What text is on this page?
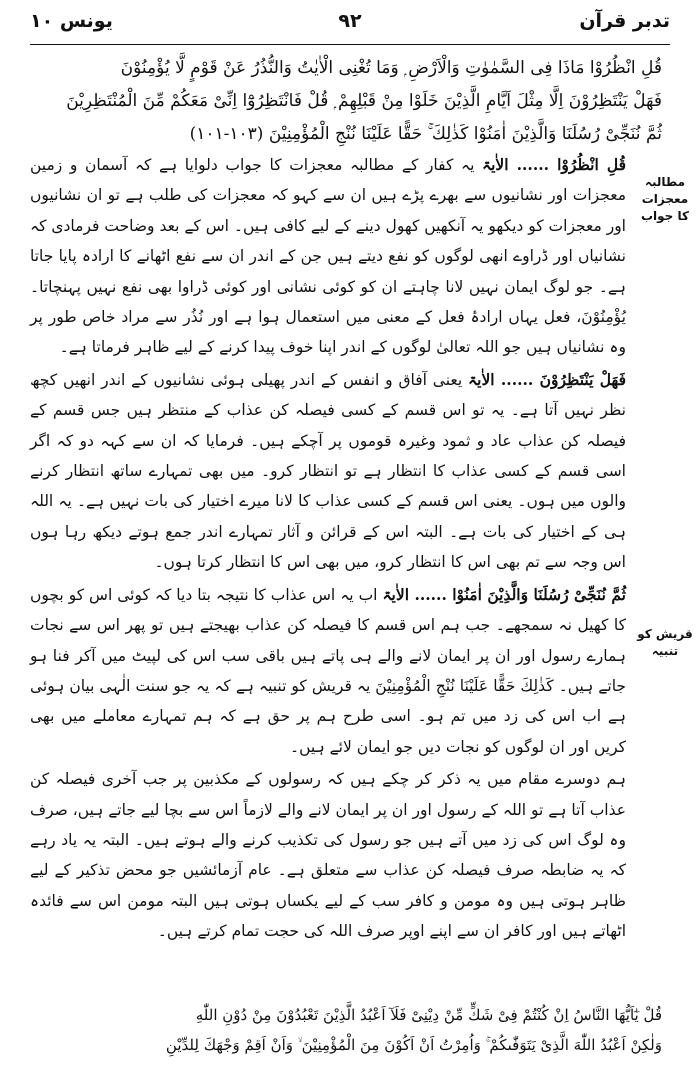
یونس ۱۰	۹۲	تدبر قرآن

قُلِ انْظُرُوْا مَاذَا فِی السَّمٰوٰتِ وَالْاَرْضِ ۭ وَمَا تُغْنِی الْاٰیٰتُ وَالنُّذُرُ عَنْ قَوْمٍ لَّا یُؤْمِنُوْنَ

فَهَلْ یَنْتَظِرُوْنَ اِلَّا مِثْلَ اَیَّامِ الَّذِیْنَ خَلَوْا مِنْ قَبْلِهِمْ ۭ قُلْ فَانْتَظِرُوْٓا اِنِّیْ مَعَكُمْ مِّنَ الْمُنْتَظِرِیْنَ

ثُمَّ نُنَجِّیْ رُسُلَنَا وَالَّذِیْنَ اٰمَنُوْا كَذٰلِكَ ۚ حَقًّا عَلَیْنَا نُنْجِ الْمُؤْمِنِیْنَ (۱۰۳-۱۰۱)

مطالبہ معجزات کا جواب
قریش کو تنبیہ

قُلِ انْظُرُوْا ...... الاٰیۃ یہ کفار کے مطالبہ معجزات کا جواب دلوایا ہے کہ آسمان و زمین معجزات اور نشانیوں سے بھرے پڑے ہیں ان سے کہو کہ معجزات کی طلب ہے تو ان نشانیوں اور معجزات کو دیکھو یہ آنکھیں کھول دینے کے لیے کافی ہیں۔ اس کے بعد وضاحت فرمادی کہ نشانیاں اور ڈراوے انھی لوگوں کو نفع دیتے ہیں جن کے اندر ان سے نفع اٹھانے کا ارادہ پایا جاتا ہے۔ جو لوگ ایمان نہیں لانا چاہتے ان کو کوئی نشانی اور کوئی ڈراوا بھی نفع نہیں پہنچاتا۔ یُؤْمِنُوْنَ، فعل یہاں ارادۂ فعل کے معنی میں استعمال ہوا ہے اور نُذُر سے مراد خاص طور پر وہ نشانیاں ہیں جو اللہ تعالیٰ لوگوں کے اندر اپنا خوف پیدا کرنے کے لیے ظاہر فرماتا ہے۔

فَهَلْ یَنْتَظِرُوْنَ ...... الاٰیۃ یعنی آفاق و انفس کے اندر پھیلی ہوئی نشانیوں کے اندر انھیں کچھ نظر نہیں آتا ہے۔ یہ تو اس قسم کے کسی فیصلہ کن عذاب کے منتظر ہیں جس قسم کے فیصلہ کن عذاب عاد و ثمود وغیرہ قوموں پر آچکے ہیں۔ فرمایا کہ ان سے کہہ دو کہ اگر اسی قسم کے کسی عذاب کا انتظار ہے تو انتظار کرو۔ میں بھی تمہارے ساتھ انتظار کرنے والوں میں ہوں۔ یعنی اس قسم کے کسی عذاب کا لانا میرے اختیار کی بات نہیں ہے۔ یہ اللہ ہی کے اختیار کی بات ہے۔ البتہ اس کے قرائن و آثار تمہارے اندر جمع ہوتے دیکھ رہا ہوں اس وجہ سے تم بھی اس کا انتظار کرو، میں بھی اس کا انتظار کرتا ہوں۔

ثُمَّ نُنَجِّیْ رُسُلَنَا وَالَّذِیْنَ اٰمَنُوْا ...... الاٰیۃ اب یہ اس عذاب کا نتیجہ بتا دیا کہ کوئی اس کو بچوں کا کھیل نہ سمجھے۔ جب ہم اس قسم کا فیصلہ کن عذاب بھیجتے ہیں تو پھر اس سے نجات ہمارے رسول اور ان پر ایمان لانے والے ہی پاتے ہیں باقی سب اس کی لپیٹ میں آکر فنا ہو جاتے ہیں۔ كَذٰلِكَ حَقًّا عَلَیْنَا نُنْجِ الْمُؤْمِنِیْنَ یہ قریش کو تنبیہ ہے کہ یہ جو سنت الٰہی بیان ہوئی ہے اب اس کی زد میں تم ہو۔ اسی طرح ہم پر حق ہے کہ ہم تمہارے معاملے میں بھی کریں اور ان لوگوں کو نجات دیں جو ایمان لائے ہیں۔

ہم دوسرے مقام میں یہ ذکر کر چکے ہیں کہ رسولوں کے مکذبین پر جب آخری فیصلہ کن عذاب آتا ہے تو اللہ کے رسول اور ان پر ایمان لانے والے لازماً اس سے بچا لیے جاتے ہیں، صرف وہ لوگ اس کی زد میں آتے ہیں جو رسول کی تکذیب کرنے والے ہوتے ہیں۔ البتہ یہ یاد رہے کہ یہ ضابطہ صرف فیصلہ کن عذاب سے متعلق ہے۔ عام آزمائشیں جو محض تذکیر کے لیے ظاہر ہوتی ہیں وہ مومن و کافر سب کے لیے یکساں ہوتی ہیں البتہ مومن اس سے فائدہ اٹھاتے ہیں اور کافر ان سے اپنے اوپر صرف اللہ کی حجت تمام کرتے ہیں۔

قُلْ یٰٓاَیُّهَا النَّاسُ اِنْ كُنْتُمْ فِیْ شَكٍّ مِّنْ دِیْنِیْ فَلَآ اَعْبُدُ الَّذِیْنَ تَعْبُدُوْنَ مِنْ دُوْنِ اللّٰهِ

وَلٰكِنْ اَعْبُدُ اللّٰهَ الَّذِیْ یَتَوَفّٰىكُمْ ۚ وَاُمِرْتُ اَنْ اَكُوْنَ مِنَ الْمُؤْمِنِیْنَ ۙ وَاَنْ اَقِمْ وَجْهَكَ لِلدِّیْنِ
